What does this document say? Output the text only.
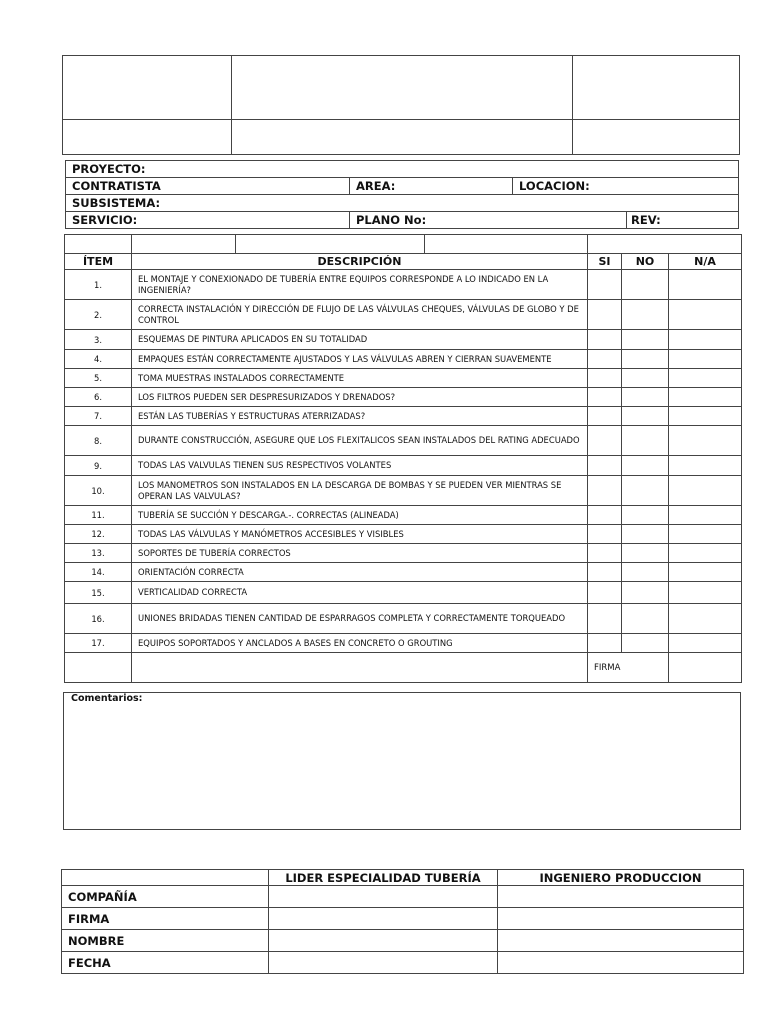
PROYECTO:			
CONTRATISTA	AREA:	LOCACION:	
SUBSISTEMA:			
SERVICIO:	PLANO No:		REV:

ÍTEM	DESCRIPCIÓN			SI	NO	N/A
1.	EL MONTAJE Y CONEXIONADO DE TUBERÍA ENTRE EQUIPOS CORRESPONDE A LO INDICADO EN LA INGENIERÍA?					
2.	CORRECTA INSTALACIÓN Y DIRECCIÓN DE FLUJO DE LAS VÁLVULAS CHEQUES, VÁLVULAS DE GLOBO Y DE CONTROL					
3.	ESQUEMAS DE PINTURA APLICADOS EN SU TOTALIDAD					
4.	EMPAQUES ESTÁN CORRECTAMENTE AJUSTADOS Y LAS VÁLVULAS ABREN Y CIERRAN SUAVEMENTE					
5.	TOMA MUESTRAS INSTALADOS CORRECTAMENTE					
6.	LOS FILTROS PUEDEN SER DESPRESURIZADOS Y DRENADOS?					
7.	ESTÁN LAS TUBERÍAS Y ESTRUCTURAS ATERRIZADAS?					
8.	DURANTE CONSTRUCCIÓN, ASEGURE QUE LOS FLEXITALICOS SEAN INSTALADOS DEL RATING ADECUADO					
9.	TODAS LAS VALVULAS TIENEN SUS RESPECTIVOS VOLANTES					
10.	LOS MANOMETROS SON INSTALADOS EN LA DESCARGA DE BOMBAS Y SE PUEDEN VER MIENTRAS SE OPERAN LAS VALVULAS?					
11.	TUBERÍA SE SUCCIÓN Y DESCARGA.-. CORRECTAS (ALINEADA)					
12.	TODAS LAS VÁLVULAS Y MANÓMETROS ACCESIBLES Y VISIBLES					
13.	SOPORTES DE TUBERÍA CORRECTOS					
14.	ORIENTACIÓN CORRECTA					
15.	VERTICALIDAD CORRECTA					
16.	UNIONES BRIDADAS TIENEN CANTIDAD DE ESPARRAGOS COMPLETA Y CORRECTAMENTE TORQUEADO					
17.	EQUIPOS SOPORTADOS Y ANCLADOS A BASES EN CONCRETO O GROUTING					
				FIRMA		
Comentarios:
	LIDER ESPECIALIDAD TUBERÍA	INGENIERO PRODUCCION
COMPAÑÍA		
FIRMA		
NOMBRE		
FECHA		
